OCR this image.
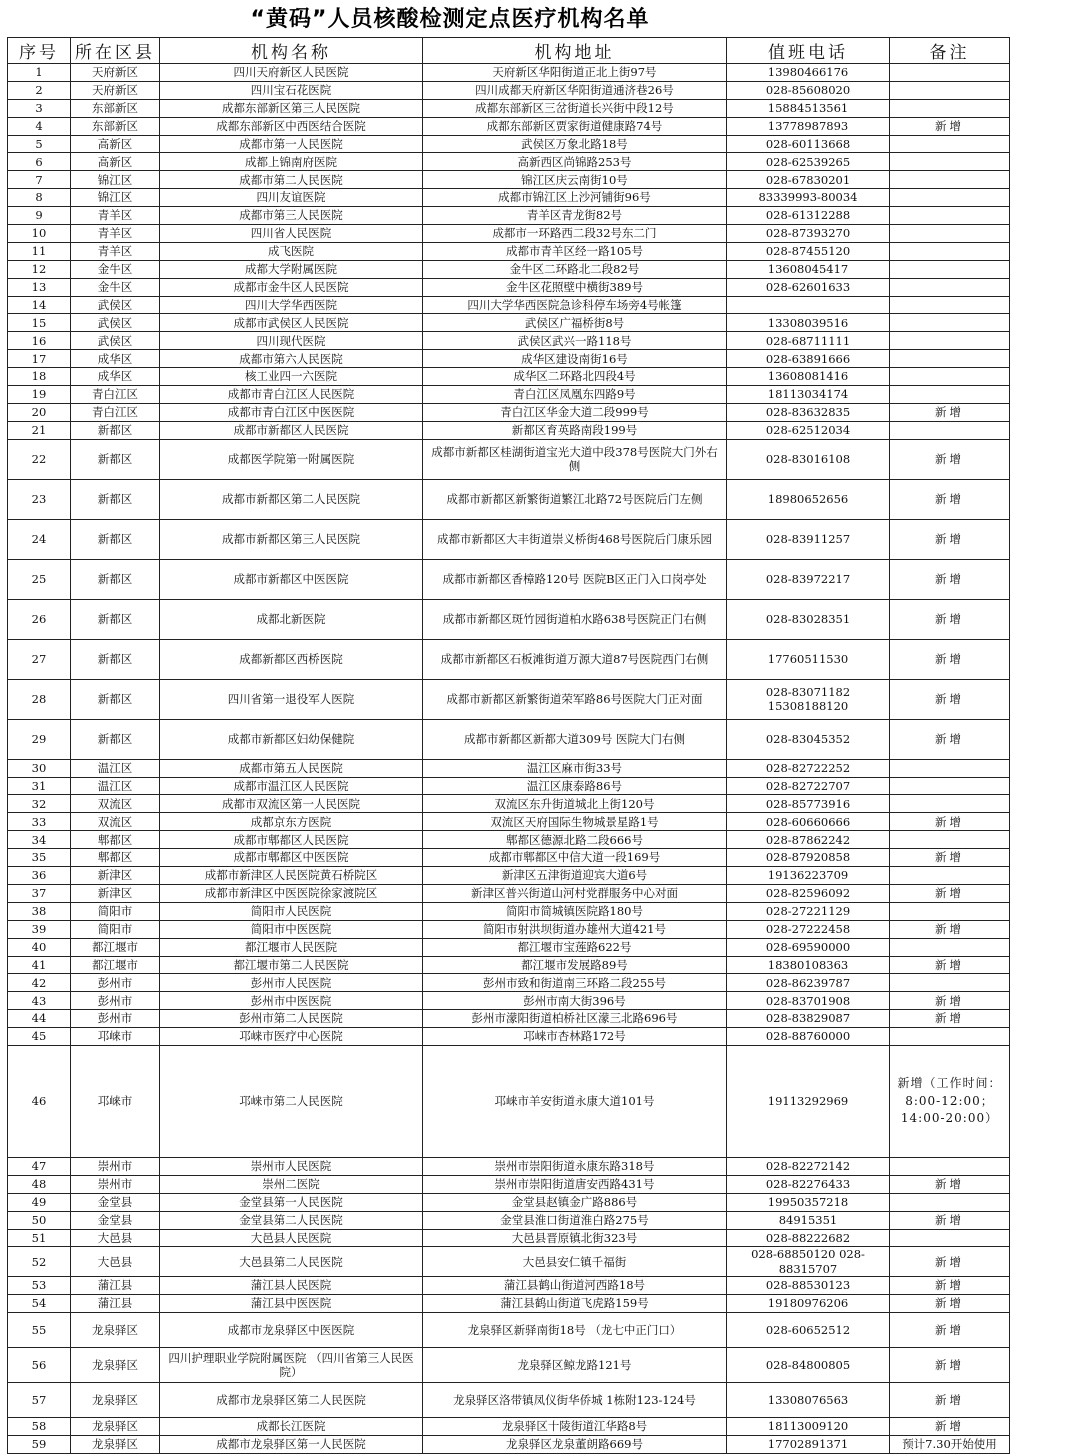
“黄码”人员核酸检测定点医疗机构名单
序号	所在区县	机构名称	机构地址	值班电话	备注
1	天府新区	四川天府新区人民医院	天府新区华阳街道正北上街97号	13980466176	
2	天府新区	四川宝石花医院	四川成都天府新区华阳街道通济巷26号	028-85608020	
3	东部新区	成都东部新区第三人民医院	成都东部新区三岔街道长兴街中段12号	15884513561	
4	东部新区	成都东部新区中西医结合医院	成都东部新区贾家街道健康路74号	13778987893	新增
5	高新区	成都市第一人民医院	武侯区万象北路18号	028-60113668	
6	高新区	成都上锦南府医院	高新西区尚锦路253号	028-62539265	
7	锦江区	成都市第二人民医院	锦江区庆云南街10号	028-67830201	
8	锦江区	四川友谊医院	成都市锦江区上沙河铺街96号	83339993-80034	
9	青羊区	成都市第三人民医院	青羊区青龙街82号	028-61312288	
10	青羊区	四川省人民医院	成都市一环路西二段32号东二门	028-87393270	
11	青羊区	成飞医院	成都市青羊区经一路105号	028-87455120	
12	金牛区	成都大学附属医院	金牛区二环路北二段82号	13608045417	
13	金牛区	成都市金牛区人民医院	金牛区花照壁中横街389号	028-62601633	
14	武侯区	四川大学华西医院	四川大学华西医院急诊科停车场旁4号帐篷		
15	武侯区	成都市武侯区人民医院	武侯区广福桥街8号	13308039516	
16	武侯区	四川现代医院	武侯区武兴一路118号	028-68711111	
17	成华区	成都市第六人民医院	成华区建设南街16号	028-63891666	
18	成华区	核工业四一六医院	成华区二环路北四段4号	13608081416	
19	青白江区	成都市青白江区人民医院	青白江区凤凰东四路9号	18113034174	
20	青白江区	成都市青白江区中医医院	青白江区华金大道二段999号	028-83632835	新增
21	新都区	成都市新都区人民医院	新都区育英路南段199号	028-62512034	
22	新都区	成都医学院第一附属医院	成都市新都区桂湖街道宝光大道中段378号医院大门外右侧	028-83016108	新增
23	新都区	成都市新都区第二人民医院	成都市新都区新繁街道繁江北路72号医院后门左侧	18980652656	新增
24	新都区	成都市新都区第三人民医院	成都市新都区大丰街道崇义桥街468号医院后门康乐园	028-83911257	新增
25	新都区	成都市新都区中医医院	成都市新都区香樟路120号 医院B区正门入口岗亭处	028-83972217	新增
26	新都区	成都北新医院	成都市新都区斑竹园街道柏水路638号医院正门右侧	028-83028351	新增
27	新都区	成都新都区西桥医院	成都市新都区石板滩街道万源大道87号医院西门右侧	17760511530	新增
28	新都区	四川省第一退役军人医院	成都市新都区新繁街道荣军路86号医院大门正对面	028-83071182 15308188120	新增
29	新都区	成都市新都区妇幼保健院	成都市新都区新都大道309号 医院大门右侧	028-83045352	新增
30	温江区	成都市第五人民医院	温江区麻市街33号	028-82722252	
31	温江区	成都市温江区人民医院	温江区康泰路86号	028-82722707	
32	双流区	成都市双流区第一人民医院	双流区东升街道城北上街120号	028-85773916	
33	双流区	成都京东方医院	双流区天府国际生物城景星路1号	028-60660666	新增
34	郫都区	成都市郫都区人民医院	郫都区德源北路二段666号	028-87862242	
35	郫都区	成都市郫都区中医医院	成都市郫都区中信大道一段169号	028-87920858	新增
36	新津区	成都市新津区人民医院黄石桥院区	新津区五津街道迎宾大道6号	19136223709	
37	新津区	成都市新津区中医医院徐家渡院区	新津区普兴街道山河村党群服务中心对面	028-82596092	新增
38	简阳市	简阳市人民医院	简阳市简城镇医院路180号	028-27221129	
39	简阳市	简阳市中医医院	简阳市射洪坝街道办雄州大道421号	028-27222458	新增
40	都江堰市	都江堰市人民医院	都江堰市宝莲路622号	028-69590000	
41	都江堰市	都江堰市第二人民医院	都江堰市发展路89号	18380108363	新增
42	彭州市	彭州市人民医院	彭州市致和街道南三环路二段255号	028-86239787	
43	彭州市	彭州市中医医院	彭州市南大街396号	028-83701908	新增
44	彭州市	彭州市第二人民医院	彭州市濛阳街道柏桥社区濛三北路696号	028-83829087	新增
45	邛崃市	邛崃市医疗中心医院	邛崃市杏林路172号	028-88760000	
46	邛崃市	邛崃市第二人民医院	邛崃市羊安街道永康大道101号	19113292969	新增（工作时间：8:00-12:00；14:00-20:00）
47	崇州市	崇州市人民医院	崇州市崇阳街道永康东路318号	028-82272142	
48	崇州市	崇州二医院	崇州市崇阳街道唐安西路431号	028-82276433	新增
49	金堂县	金堂县第一人民医院	金堂县赵镇金广路886号	19950357218	
50	金堂县	金堂县第二人民医院	金堂县淮口街道淮白路275号	84915351	新增
51	大邑县	大邑县人民医院	大邑县晋原镇北街323号	028-88222682	
52	大邑县	大邑县第二人民医院	大邑县安仁镇千福街	028-68850120 028-88315707	新增
53	蒲江县	蒲江县人民医院	蒲江县鹤山街道河西路18号	028-88530123	新增
54	蒲江县	蒲江县中医医院	蒲江县鹤山街道飞虎路159号	19180976206	新增
55	龙泉驿区	成都市龙泉驿区中医医院	龙泉驿区新驿南街18号 （龙七中正门口）	028-60652512	新增
56	龙泉驿区	四川护理职业学院附属医院 （四川省第三人民医院）	龙泉驿区鲸龙路121号	028-84800805	新增
57	龙泉驿区	成都市龙泉驿区第二人民医院	龙泉驿区洛带镇凤仪街华侨城 1栋附123-124号	13308076563	新增
58	龙泉驿区	成都长江医院	龙泉驿区十陵街道江华路8号	18113009120	新增
59	龙泉驿区	成都市龙泉驿区第一人民医院	龙泉驿区龙泉董朗路669号	17702891371	预计7.30开始使用
